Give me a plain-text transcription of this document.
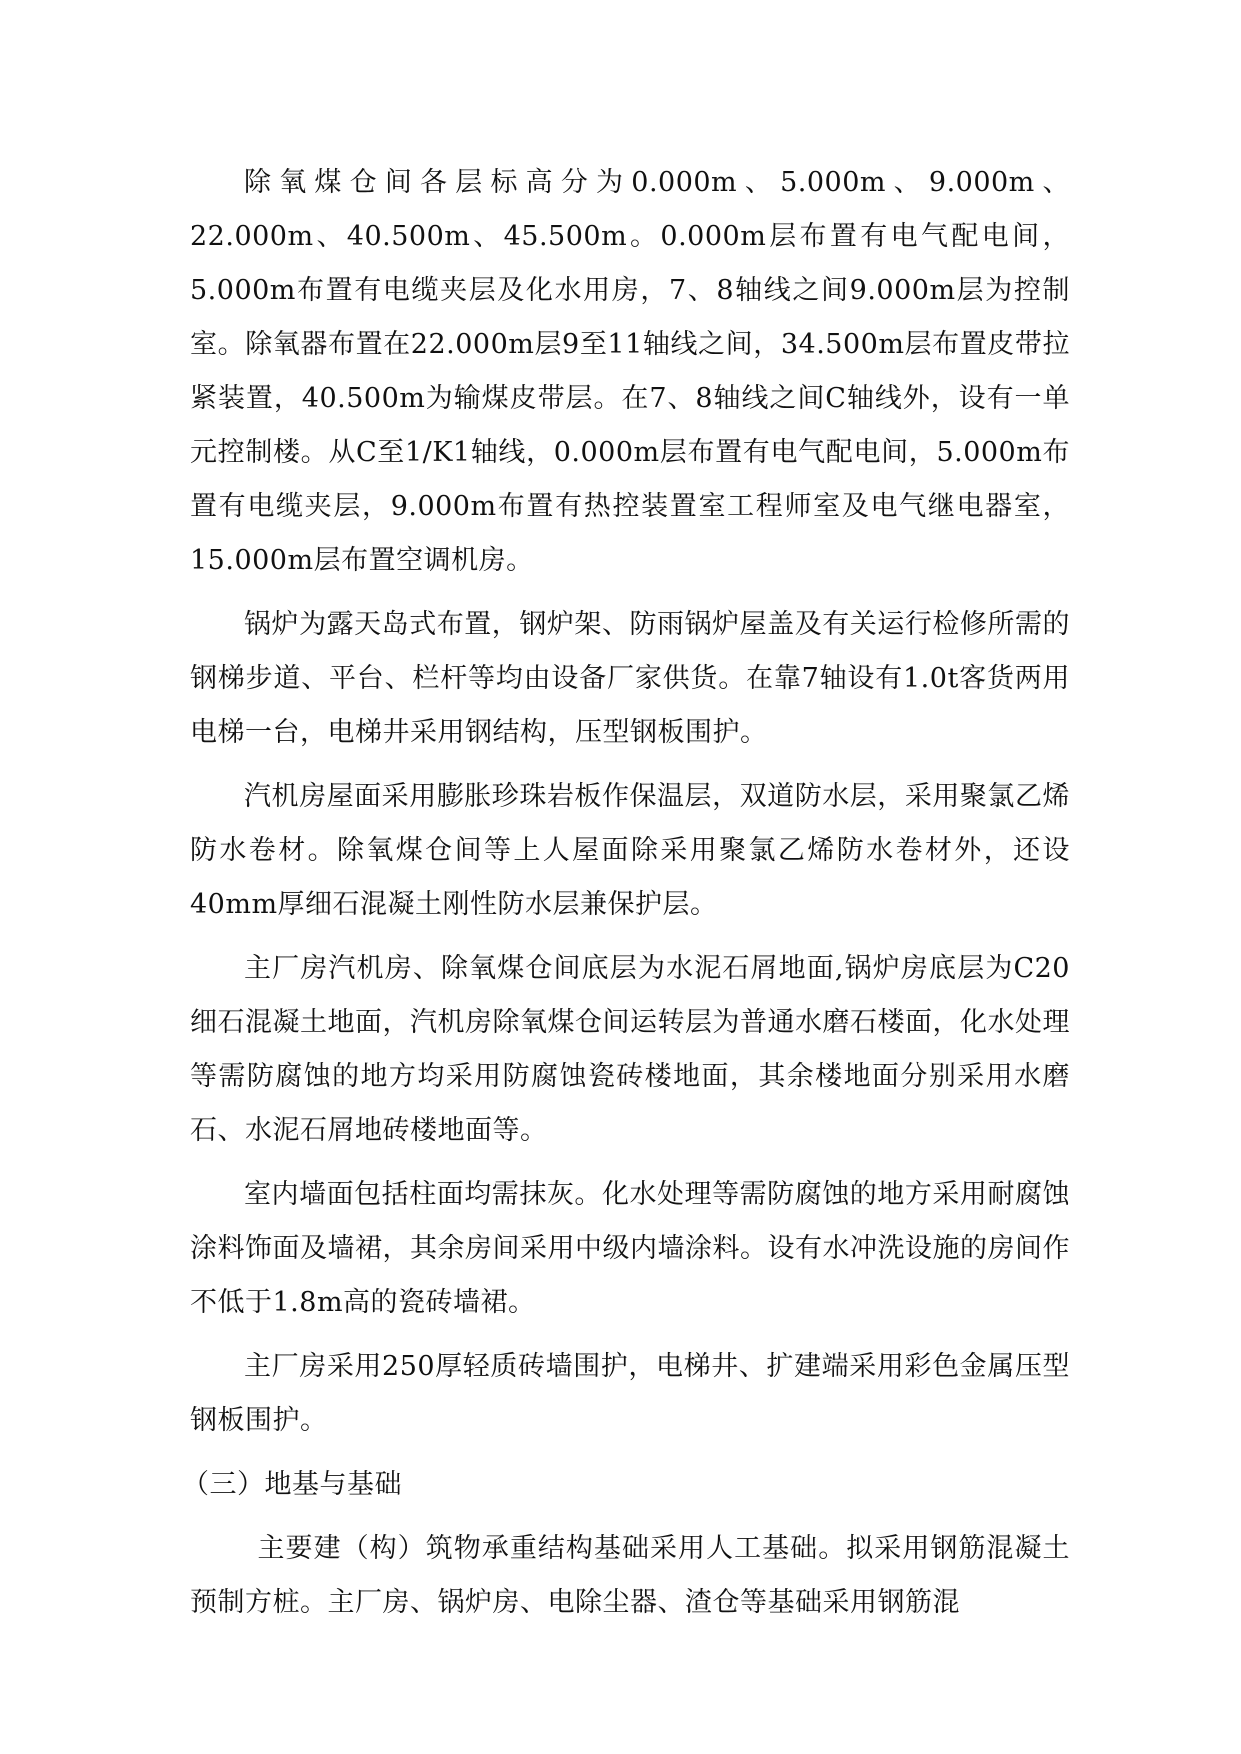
除氧煤仓间各层标高分为0.000m、5.000m、9.000m、22.000m、40.500m、45.500m。0.000m层布置有电气配电间，5.000m布置有电缆夹层及化水用房，7、8轴线之间9.000m层为控制室。除氧器布置在22.000m层9至11轴线之间，34.500m层布置皮带拉紧装置，40.500m为输煤皮带层。在7、8轴线之间C轴线外，设有一单元控制楼。从C至1/K1轴线，0.000m层布置有电气配电间，5.000m布置有电缆夹层，9.000m布置有热控装置室工程师室及电气继电器室，15.000m层布置空调机房。

锅炉为露天岛式布置，钢炉架、防雨锅炉屋盖及有关运行检修所需的钢梯步道、平台、栏杆等均由设备厂家供货。在靠7轴设有1.0t客货两用电梯一台，电梯井采用钢结构，压型钢板围护。

汽机房屋面采用膨胀珍珠岩板作保温层，双道防水层，采用聚氯乙烯防水卷材。除氧煤仓间等上人屋面除采用聚氯乙烯防水卷材外，还设40mm厚细石混凝土刚性防水层兼保护层。

主厂房汽机房、除氧煤仓间底层为水泥石屑地面,锅炉房底层为C20细石混凝土地面，汽机房除氧煤仓间运转层为普通水磨石楼面，化水处理等需防腐蚀的地方均采用防腐蚀瓷砖楼地面，其余楼地面分别采用水磨石、水泥石屑地砖楼地面等。

室内墙面包括柱面均需抹灰。化水处理等需防腐蚀的地方采用耐腐蚀涂料饰面及墙裙，其余房间采用中级内墙涂料。设有水冲洗设施的房间作不低于1.8m高的瓷砖墙裙。

主厂房采用250厚轻质砖墙围护，电梯井、扩建端采用彩色金属压型钢板围护。

（三）地基与基础

主要建（构）筑物承重结构基础采用人工基础。拟采用钢筋混凝土预制方桩。主厂房、锅炉房、电除尘器、渣仓等基础采用钢筋混
